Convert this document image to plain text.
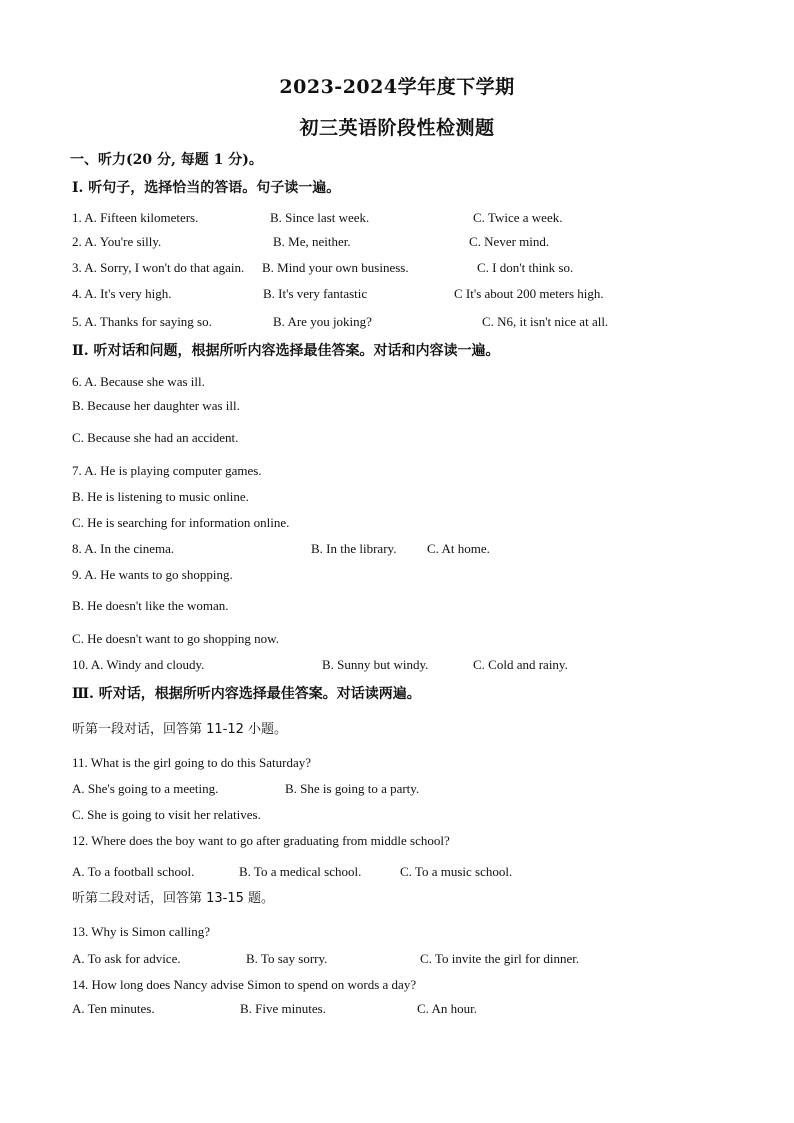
2023-2024学年度下学期
初三英语阶段性检测题
一、听力(20 分, 每题 1 分)。
I. 听句子，选择恰当的答语。句子读一遍。
1. A. Fifteen kilometers.	B. Since last week.	C. Twice a week.
2. A. You're silly.	B. Me, neither.	C. Never mind.
3. A. Sorry, I won't do that again. B. Mind your own business.	C. I don't think so.
4. A. It's very high.	B. It's very fantastic	C It's about 200 meters high.
5. A. Thanks for saying so.	B. Are you joking?	C. N6, it isn't nice at all.
Ⅱ. 听对话和问题，根据所听内容选择最佳答案。对话和内容读一遍。
6. A. Because she was ill.
B. Because her daughter was ill.
C. Because she had an accident.
7. A. He is playing computer games.
B. He is listening to music online.
C. He is searching for information online.
8. A. In the cinema.	B. In the library. C. At home.
9. A. He wants to go shopping.
B. He doesn't like the woman.
C. He doesn't want to go shopping now.
10. A. Windy and cloudy.	B. Sunny but windy.	C. Cold and rainy.
Ⅲ. 听对话，根据所听内容选择最佳答案。对话读两遍。
听第一段对话，回答第 11-12 小题。
11. What is the girl going to do this Saturday?
A. She's going to a meeting.	B. She is going to a party.
C. She is going to visit her relatives.
12. Where does the boy want to go after graduating from middle school?
A. To a football school.	B. To a medical school.	C. To a music school.
听第二段对话，回答第 13-15 题。
13. Why is Simon calling?
A. To ask for advice.	B. To say sorry.	C. To invite the girl for dinner.
14. How long does Nancy advise Simon to spend on words a day?
A. Ten minutes.	B. Five minutes.	C. An hour.
